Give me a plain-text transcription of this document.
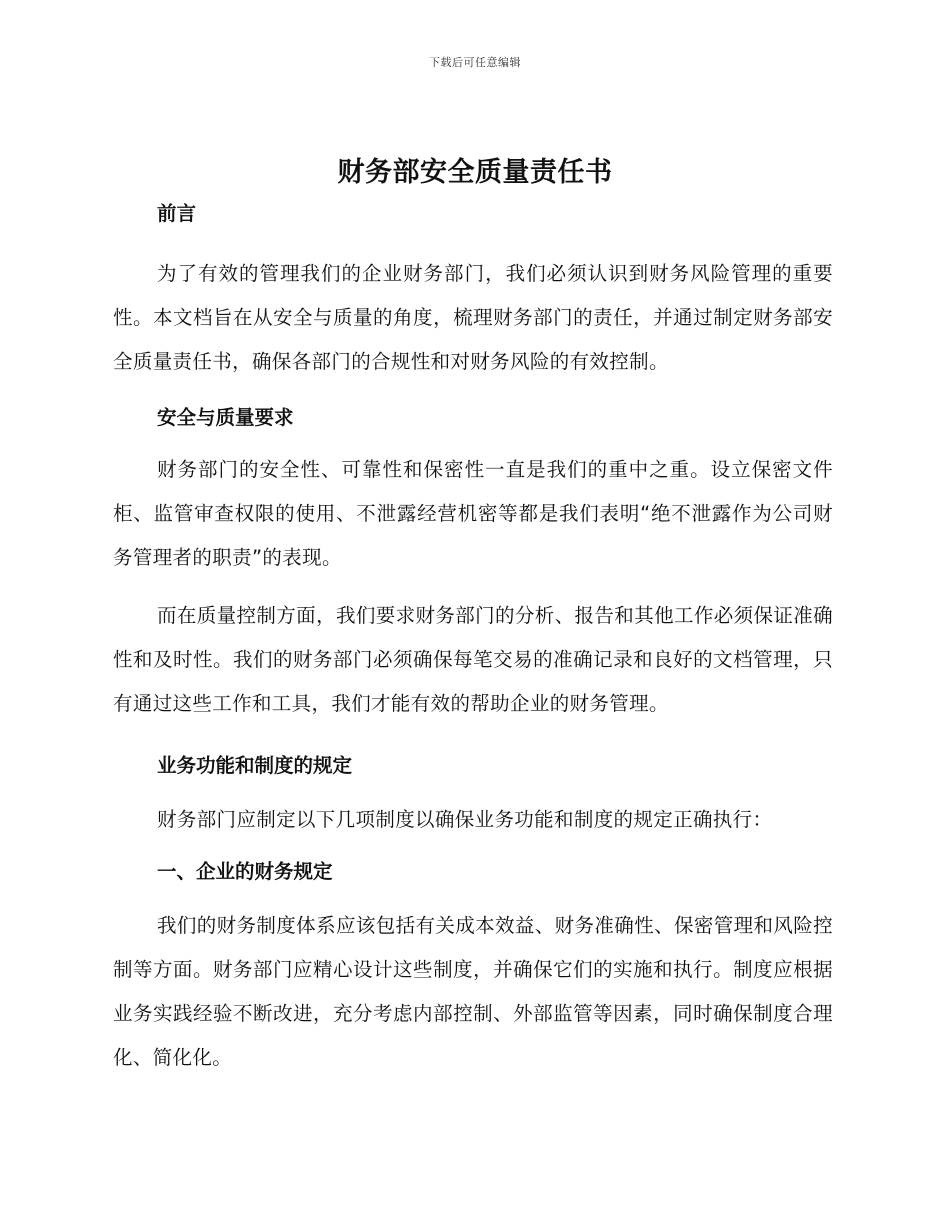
下载后可任意编辑
财务部安全质量责任书

前言

为了有效的管理我们的企业财务部门，我们必须认识到财务风险管理的重要性。本文档旨在从安全与质量的角度，梳理财务部门的责任，并通过制定财务部安全质量责任书，确保各部门的合规性和对财务风险的有效控制。

安全与质量要求

财务部门的安全性、可靠性和保密性一直是我们的重中之重。设立保密文件柜、监管审查权限的使用、不泄露经营机密等都是我们表明“绝不泄露作为公司财务管理者的职责”的表现。

而在质量控制方面，我们要求财务部门的分析、报告和其他工作必须保证准确性和及时性。我们的财务部门必须确保每笔交易的准确记录和良好的文档管理，只有通过这些工作和工具，我们才能有效的帮助企业的财务管理。

业务功能和制度的规定

财务部门应制定以下几项制度以确保业务功能和制度的规定正确执行：

一、企业的财务规定

我们的财务制度体系应该包括有关成本效益、财务准确性、保密管理和风险控制等方面。财务部门应精心设计这些制度，并确保它们的实施和执行。制度应根据业务实践经验不断改进，充分考虑内部控制、外部监管等因素，同时确保制度合理化、简化化。
